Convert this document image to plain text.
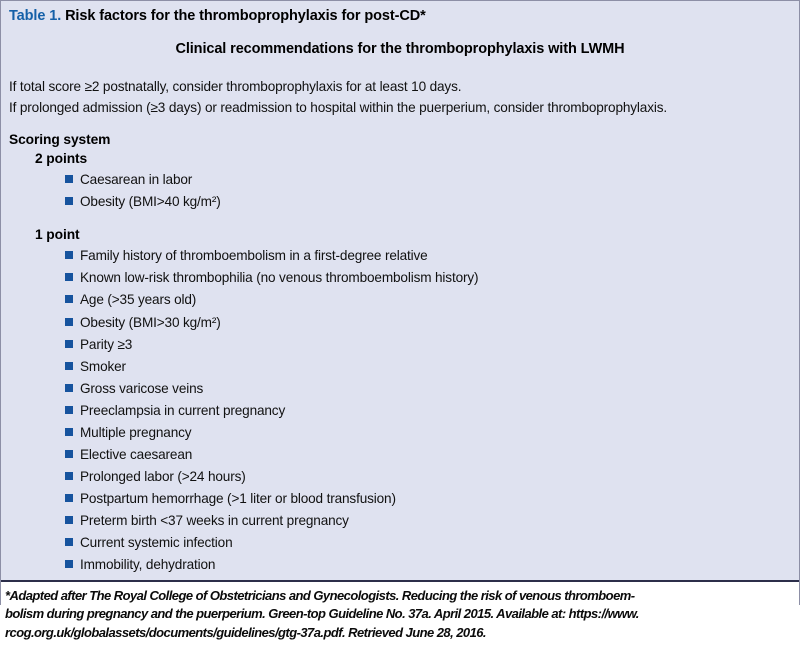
Table 1. Risk factors for the thromboprophylaxis for post-CD*
Clinical recommendations for the thromboprophylaxis with LWMH
If total score ≥2 postnatally, consider thromboprophylaxis for at least 10 days.
If prolonged admission (≥3 days) or readmission to hospital within the puerperium, consider thromboprophylaxis.
Scoring system
2 points
Caesarean in labor
Obesity (BMI>40 kg/m²)
1 point
Family history of thromboembolism in a first-degree relative
Known low-risk thrombophilia (no venous thromboembolism history)
Age (>35 years old)
Obesity (BMI>30 kg/m²)
Parity ≥3
Smoker
Gross varicose veins
Preeclampsia in current pregnancy
Multiple pregnancy
Elective caesarean
Prolonged labor (>24 hours)
Postpartum hemorrhage (>1 liter or blood transfusion)
Preterm birth <37 weeks in current pregnancy
Current systemic infection
Immobility, dehydration

*Adapted after The Royal College of Obstetricians and Gynecologists. Reducing the risk of venous thromboem-

bolism during pregnancy and the puerperium. Green-top Guideline No. 37a. April 2015. Available at: https://www.

rcog.org.uk/globalassets/documents/guidelines/gtg-37a.pdf. Retrieved June 28, 2016.
